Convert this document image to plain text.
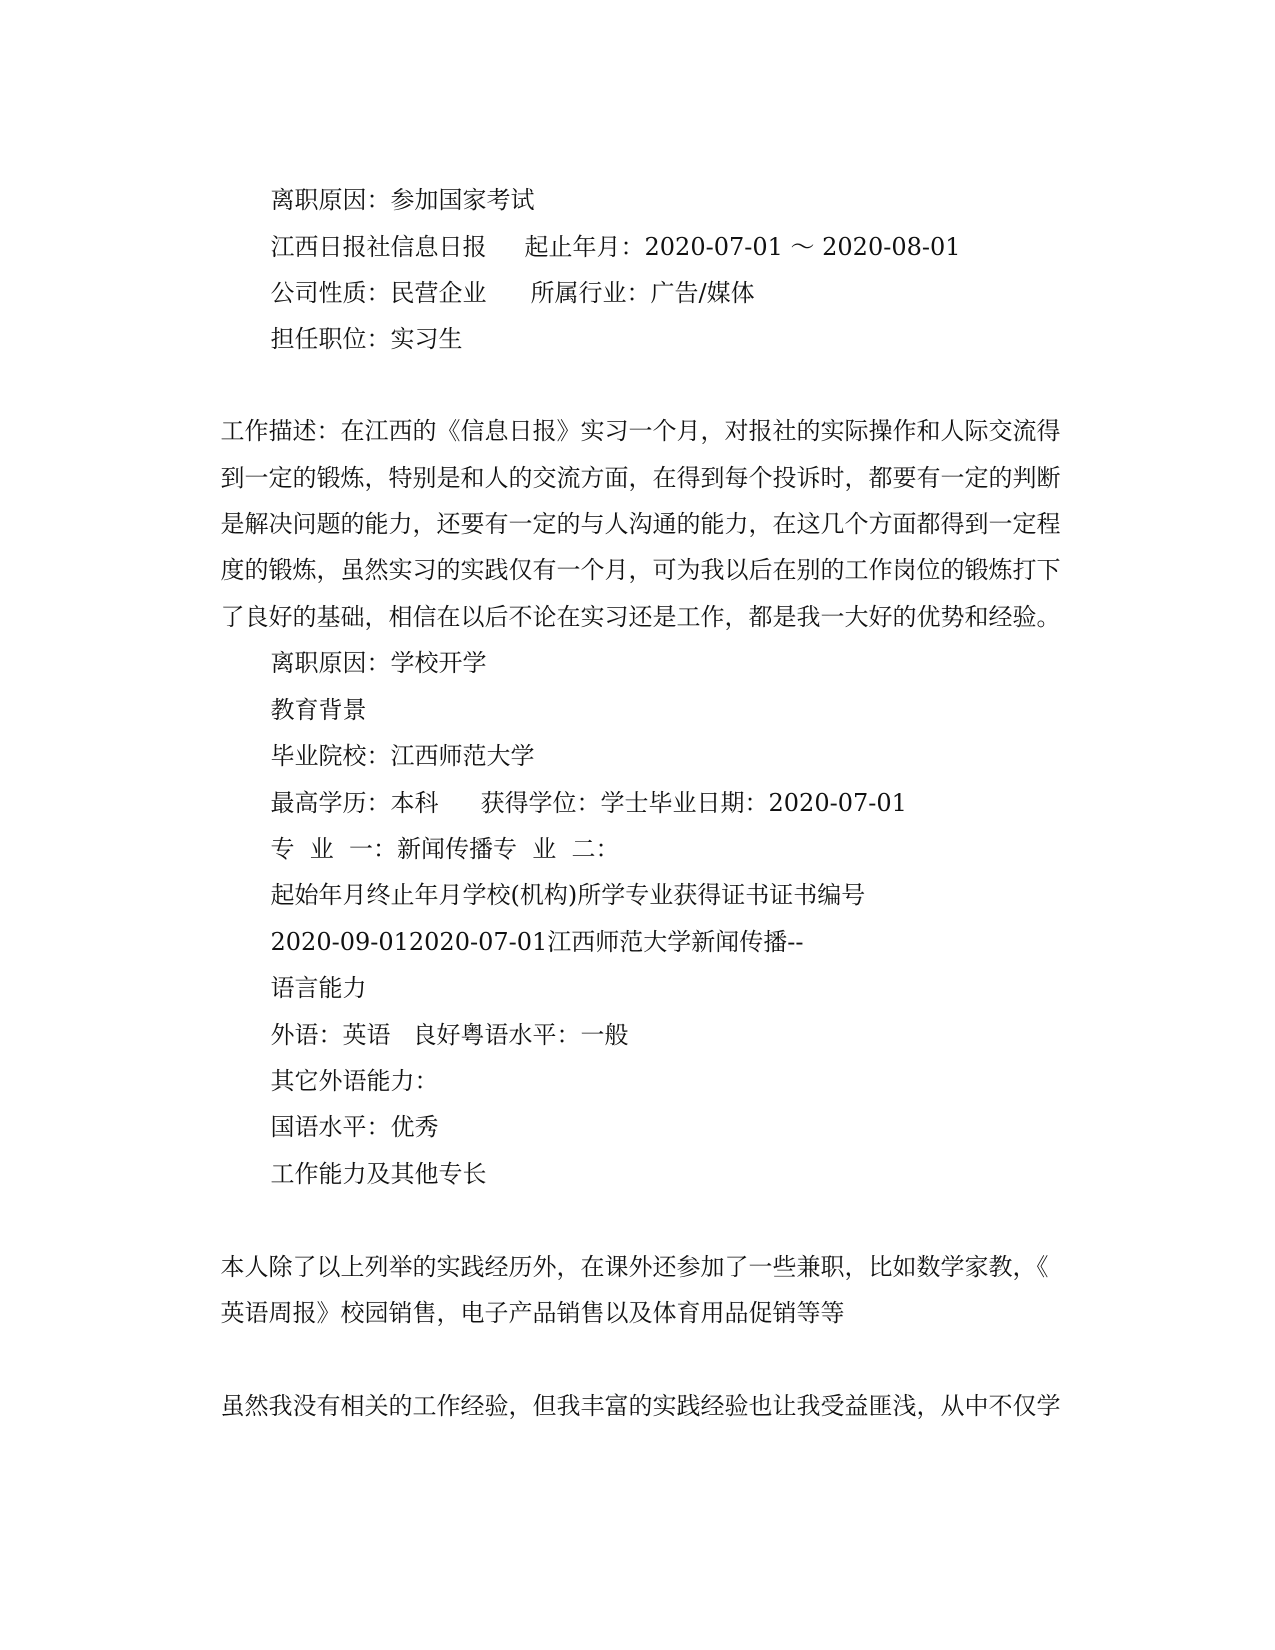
离职原因：参加国家考试

江西日报社信息日报 起止年月：2020-07-01 ～ 2020-08-01

公司性质：民营企业 所属行业：广告/媒体

担任职位：实习生

工作描述：在江西的《信息日报》实习一个月，对报社的实际操作和人际交流得

到一定的锻炼，特别是和人的交流方面，在得到每个投诉时，都要有一定的判断

是解决问题的能力，还要有一定的与人沟通的能力，在这几个方面都得到一定程

度的锻炼，虽然实习的实践仅有一个月，可为我以后在别的工作岗位的锻炼打下

了良好的基础，相信在以后不论在实习还是工作，都是我一大好的优势和经验。

离职原因：学校开学

教育背景

毕业院校：江西师范大学

最高学历：本科 获得学位：学士毕业日期：2020-07-01

专  业  一：新闻传播专  业  二：

起始年月终止年月学校(机构)所学专业获得证书证书编号

2020-09-012020-07-01江西师范大学新闻传播--

语言能力

外语：英语 良好粤语水平：一般

其它外语能力：

国语水平：优秀

工作能力及其他专长

本人除了以上列举的实践经历外，在课外还参加了一些兼职，比如数学家教，《

英语周报》校园销售，电子产品销售以及体育用品促销等等

虽然我没有相关的工作经验，但我丰富的实践经验也让我受益匪浅，从中不仅学
